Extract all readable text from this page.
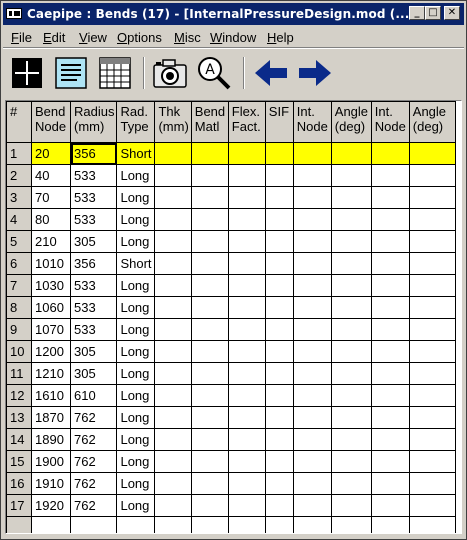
Caepipe : Bends (17) - [InternalPressureDesign.mod (... _ □	✕
File Edit View Options Misc Window Help
A
#	Bend Node	Radius (mm)	Rad. Type	Thk (mm)	Bend Matl	Flex. Fact.	SIF	Int. Node	Angle (deg)	Int. Node	Angle (deg)
1	20	356	Short								
2	40	533	Long								
3	70	533	Long								
4	80	533	Long								
5	210	305	Long								
6	1010	356	Short								
7	1030	533	Long								
8	1060	533	Long								
9	1070	533	Long								
10	1200	305	Long								
11	1210	305	Long								
12	1610	610	Long								
13	1870	762	Long								
14	1890	762	Long								
15	1900	762	Long								
16	1910	762	Long								
17	1920	762	Long								
